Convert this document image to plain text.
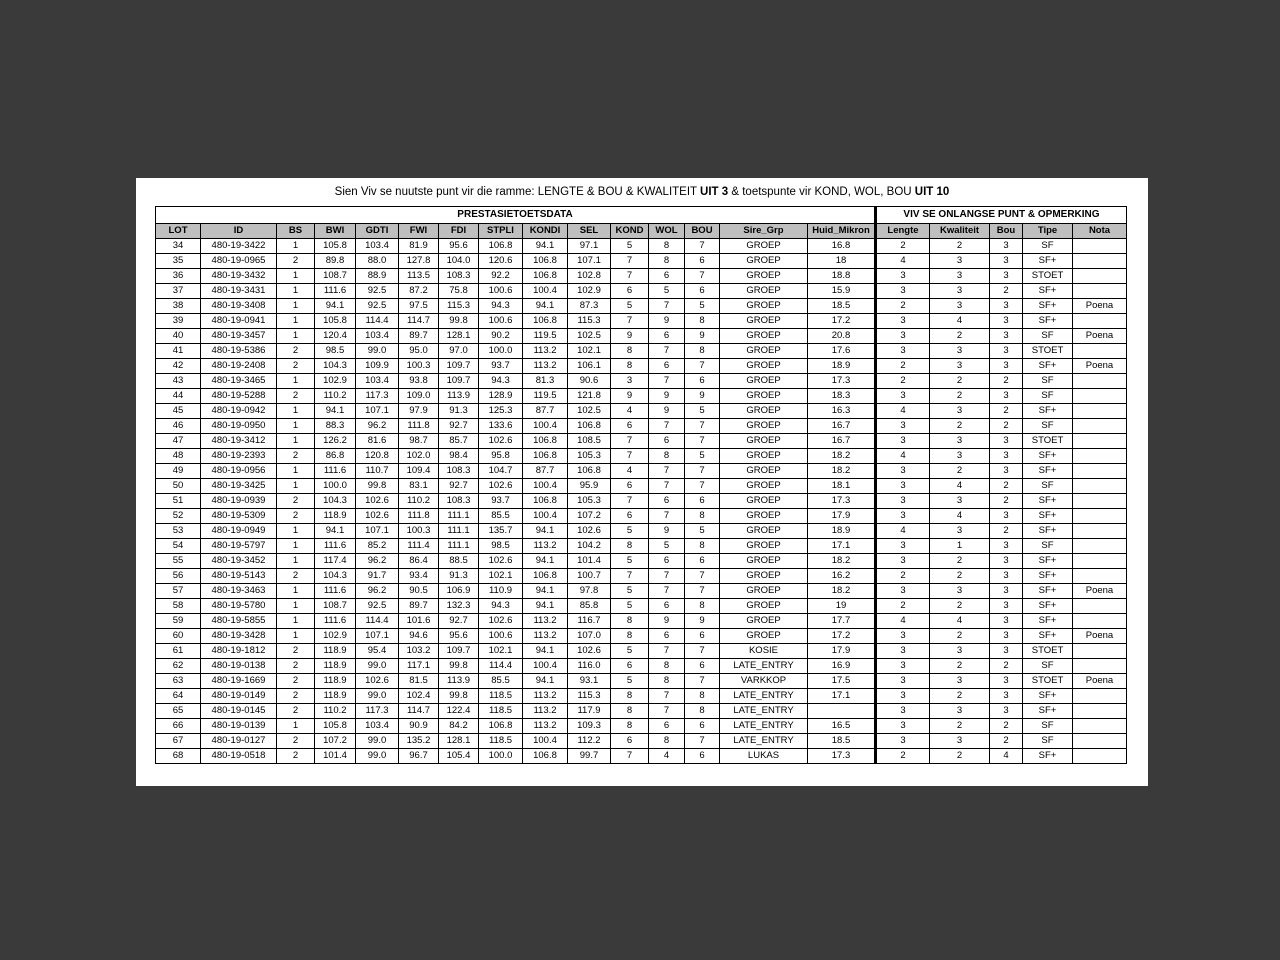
Sien Viv se nuutste punt vir die ramme: LENGTE & BOU & KWALITEIT UIT 3 & toetspunte vir KOND, WOL, BOU UIT 10
PRESTASIETOETSDATA															VIV SE ONLANGSE PUNT & OPMERKING				
LOT	ID	BS	BWI	GDTI	FWI	FDI	STPLI	KONDI	SEL	KOND	WOL	BOU	Sire_Grp	Huid_Mikron	Lengte	Kwaliteit	Bou	Tipe	Nota
34	480-19-3422	1	105.8	103.4	81.9	95.6	106.8	94.1	97.1	5	8	7	GROEP	16.8	2	2	3	SF	
35	480-19-0965	2	89.8	88.0	127.8	104.0	120.6	106.8	107.1	7	8	6	GROEP	18	4	3	3	SF+	
36	480-19-3432	1	108.7	88.9	113.5	108.3	92.2	106.8	102.8	7	6	7	GROEP	18.8	3	3	3	STOET	
37	480-19-3431	1	111.6	92.5	87.2	75.8	100.6	100.4	102.9	6	5	6	GROEP	15.9	3	3	2	SF+	
38	480-19-3408	1	94.1	92.5	97.5	115.3	94.3	94.1	87.3	5	7	5	GROEP	18.5	2	3	3	SF+	Poena
39	480-19-0941	1	105.8	114.4	114.7	99.8	100.6	106.8	115.3	7	9	8	GROEP	17.2	3	4	3	SF+	
40	480-19-3457	1	120.4	103.4	89.7	128.1	90.2	119.5	102.5	9	6	9	GROEP	20.8	3	2	3	SF	Poena
41	480-19-5386	2	98.5	99.0	95.0	97.0	100.0	113.2	102.1	8	7	8	GROEP	17.6	3	3	3	STOET	
42	480-19-2408	2	104.3	109.9	100.3	109.7	93.7	113.2	106.1	8	6	7	GROEP	18.9	2	3	3	SF+	Poena
43	480-19-3465	1	102.9	103.4	93.8	109.7	94.3	81.3	90.6	3	7	6	GROEP	17.3	2	2	2	SF	
44	480-19-5288	2	110.2	117.3	109.0	113.9	128.9	119.5	121.8	9	9	9	GROEP	18.3	3	2	3	SF	
45	480-19-0942	1	94.1	107.1	97.9	91.3	125.3	87.7	102.5	4	9	5	GROEP	16.3	4	3	2	SF+	
46	480-19-0950	1	88.3	96.2	111.8	92.7	133.6	100.4	106.8	6	7	7	GROEP	16.7	3	2	2	SF	
47	480-19-3412	1	126.2	81.6	98.7	85.7	102.6	106.8	108.5	7	6	7	GROEP	16.7	3	3	3	STOET	
48	480-19-2393	2	86.8	120.8	102.0	98.4	95.8	106.8	105.3	7	8	5	GROEP	18.2	4	3	3	SF+	
49	480-19-0956	1	111.6	110.7	109.4	108.3	104.7	87.7	106.8	4	7	7	GROEP	18.2	3	2	3	SF+	
50	480-19-3425	1	100.0	99.8	83.1	92.7	102.6	100.4	95.9	6	7	7	GROEP	18.1	3	4	2	SF	
51	480-19-0939	2	104.3	102.6	110.2	108.3	93.7	106.8	105.3	7	6	6	GROEP	17.3	3	3	2	SF+	
52	480-19-5309	2	118.9	102.6	111.8	111.1	85.5	100.4	107.2	6	7	8	GROEP	17.9	3	4	3	SF+	
53	480-19-0949	1	94.1	107.1	100.3	111.1	135.7	94.1	102.6	5	9	5	GROEP	18.9	4	3	2	SF+	
54	480-19-5797	1	111.6	85.2	111.4	111.1	98.5	113.2	104.2	8	5	8	GROEP	17.1	3	1	3	SF	
55	480-19-3452	1	117.4	96.2	86.4	88.5	102.6	94.1	101.4	5	6	6	GROEP	18.2	3	2	3	SF+	
56	480-19-5143	2	104.3	91.7	93.4	91.3	102.1	106.8	100.7	7	7	7	GROEP	16.2	2	2	3	SF+	
57	480-19-3463	1	111.6	96.2	90.5	106.9	110.9	94.1	97.8	5	7	7	GROEP	18.2	3	3	3	SF+	Poena
58	480-19-5780	1	108.7	92.5	89.7	132.3	94.3	94.1	85.8	5	6	8	GROEP	19	2	2	3	SF+	
59	480-19-5855	1	111.6	114.4	101.6	92.7	102.6	113.2	116.7	8	9	9	GROEP	17.7	4	4	3	SF+	
60	480-19-3428	1	102.9	107.1	94.6	95.6	100.6	113.2	107.0	8	6	6	GROEP	17.2	3	2	3	SF+	Poena
61	480-19-1812	2	118.9	95.4	103.2	109.7	102.1	94.1	102.6	5	7	7	KOSIE	17.9	3	3	3	STOET	
62	480-19-0138	2	118.9	99.0	117.1	99.8	114.4	100.4	116.0	6	8	6	LATE_ENTRY	16.9	3	2	2	SF	
63	480-19-1669	2	118.9	102.6	81.5	113.9	85.5	94.1	93.1	5	8	7	VARKKOP	17.5	3	3	3	STOET	Poena
64	480-19-0149	2	118.9	99.0	102.4	99.8	118.5	113.2	115.3	8	7	8	LATE_ENTRY	17.1	3	2	3	SF+	
65	480-19-0145	2	110.2	117.3	114.7	122.4	118.5	113.2	117.9	8	7	8	LATE_ENTRY		3	3	3	SF+	
66	480-19-0139	1	105.8	103.4	90.9	84.2	106.8	113.2	109.3	8	6	6	LATE_ENTRY	16.5	3	2	2	SF	
67	480-19-0127	2	107.2	99.0	135.2	128.1	118.5	100.4	112.2	6	8	7	LATE_ENTRY	18.5	3	3	2	SF	
68	480-19-0518	2	101.4	99.0	96.7	105.4	100.0	106.8	99.7	7	4	6	LUKAS	17.3	2	2	4	SF+	
